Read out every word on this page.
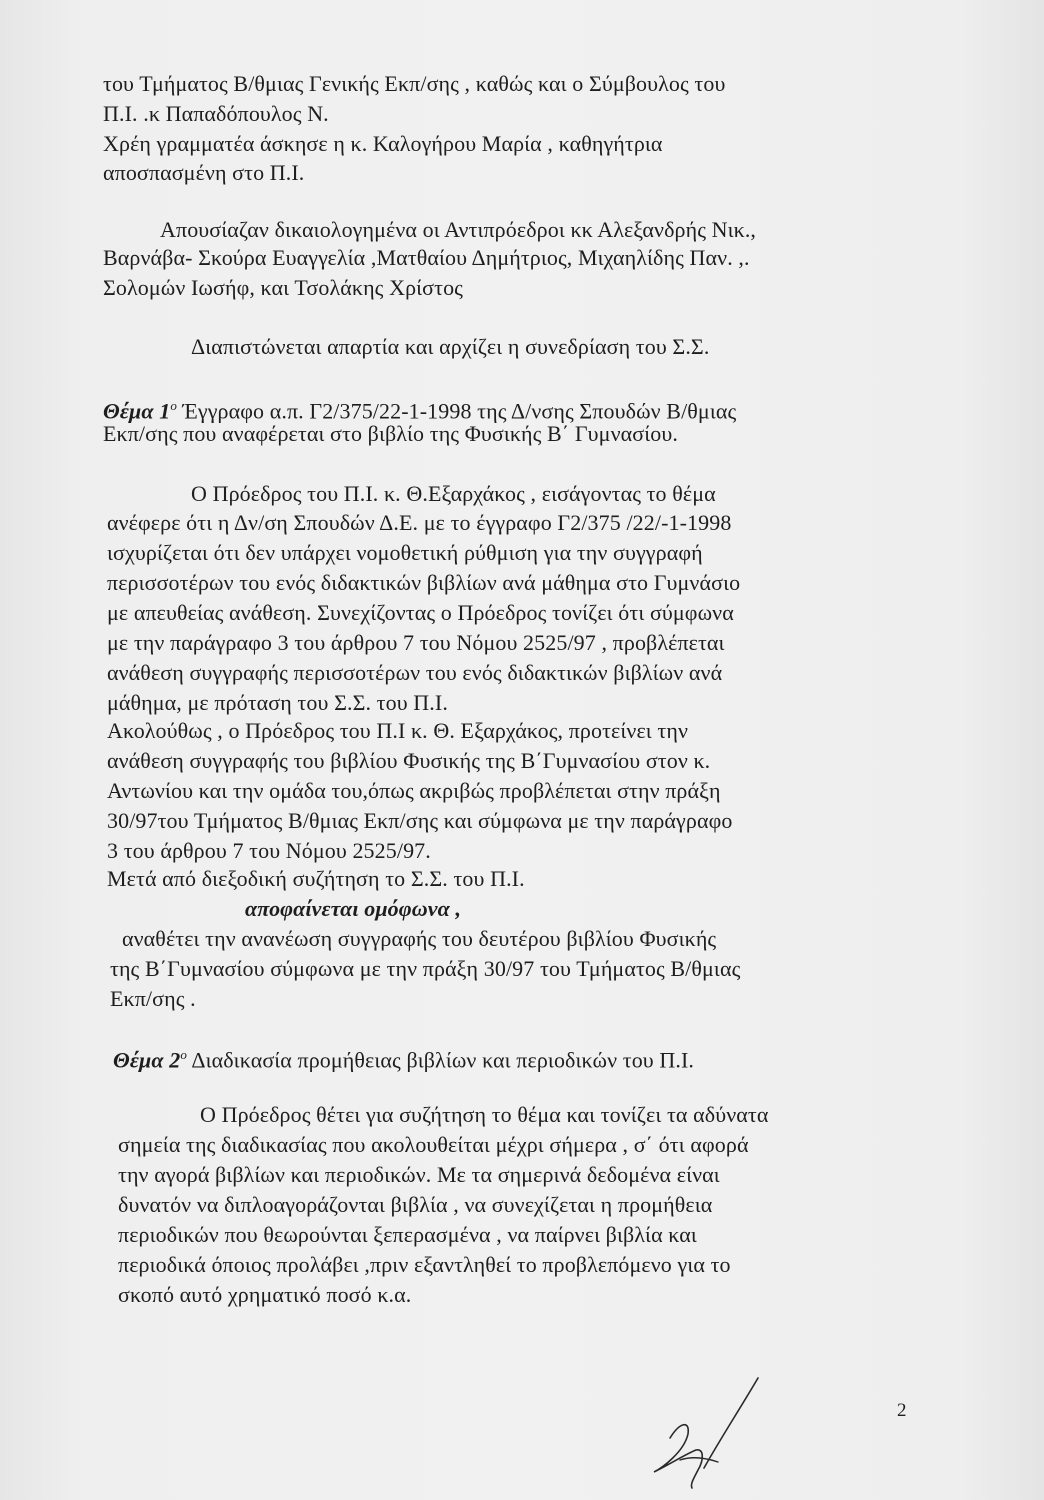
του Τμήματος Β/θμιας Γενικής Εκπ/σης , καθώς και ο Σύμβουλος του
Π.Ι. .κ Παπαδόπουλος Ν.
Χρέη γραμματέα άσκησε η κ. Καλογήρου Μαρία , καθηγήτρια
αποσπασμένη στο Π.Ι.
Απουσίαζαν δικαιολογημένα οι Αντιπρόεδροι κκ Αλεξανδρής Νικ.,
Βαρνάβα- Σκούρα Ευαγγελία ,Ματθαίου Δημήτριος, Μιχαηλίδης Παν. ,.
Σολομών Ιωσήφ, και Τσολάκης Χρίστος
Διαπιστώνεται απαρτία και αρχίζει η συνεδρίαση του Σ.Σ.
Θέμα $1^o$ Έγγραφο α.π. Γ2/375/22-1-1998 της Δ/νσης Σπουδών Β/θμιας
Εκπ/σης που αναφέρεται στο βιβλίο της Φυσικής Β΄ Γυμνασίου.
Ο Πρόεδρος του Π.Ι. κ. Θ.Εξαρχάκος , εισάγοντας το θέμα
ανέφερε ότι η Δν/ση Σπουδών Δ.Ε. με το έγγραφο Γ2/375 /22/-1-1998
ισχυρίζεται ότι δεν υπάρχει νομοθετική ρύθμιση για την συγγραφή
περισσοτέρων του ενός διδακτικών βιβλίων ανά μάθημα στο Γυμνάσιο
με απευθείας ανάθεση. Συνεχίζοντας ο Πρόεδρος τονίζει ότι σύμφωνα
με την παράγραφο 3 του άρθρου 7 του Νόμου 2525/97 , προβλέπεται
ανάθεση συγγραφής περισσοτέρων του ενός διδακτικών βιβλίων ανά
μάθημα, με πρόταση του Σ.Σ. του Π.Ι.
Ακολούθως , ο Πρόεδρος του Π.Ι κ. Θ. Εξαρχάκος, προτείνει την
ανάθεση συγγραφής του βιβλίου Φυσικής της Β΄Γυμνασίου στον κ.
Αντωνίου και την ομάδα του,όπως ακριβώς προβλέπεται στην πράξη
30/97του Τμήματος Β/θμιας Εκπ/σης και σύμφωνα με την παράγραφο
3 του άρθρου 7 του Νόμου 2525/97.
Μετά από διεξοδική συζήτηση το Σ.Σ. του Π.Ι.
αποφαίνεται ομόφωνα ,
αναθέτει την ανανέωση συγγραφής του δευτέρου βιβλίου Φυσικής
της Β΄Γυμνασίου σύμφωνα με την πράξη 30/97 του Τμήματος Β/θμιας
Εκπ/σης .
Θέμα $2^o$ Διαδικασία προμήθειας βιβλίων και περιοδικών του Π.Ι.
Ο Πρόεδρος θέτει για συζήτηση το θέμα και τονίζει τα αδύνατα
σημεία της διαδικασίας που ακολουθείται μέχρι σήμερα , σ΄ ότι αφορά
την αγορά βιβλίων και περιοδικών. Με τα σημερινά δεδομένα είναι
δυνατόν να διπλοαγοράζονται βιβλία , να συνεχίζεται η προμήθεια
περιοδικών που θεωρούνται ξεπερασμένα , να παίρνει βιβλία και
περιοδικά όποιος προλάβει ,πριν εξαντληθεί το προβλεπόμενο για το
σκοπό αυτό χρηματικό ποσό κ.α.
2
